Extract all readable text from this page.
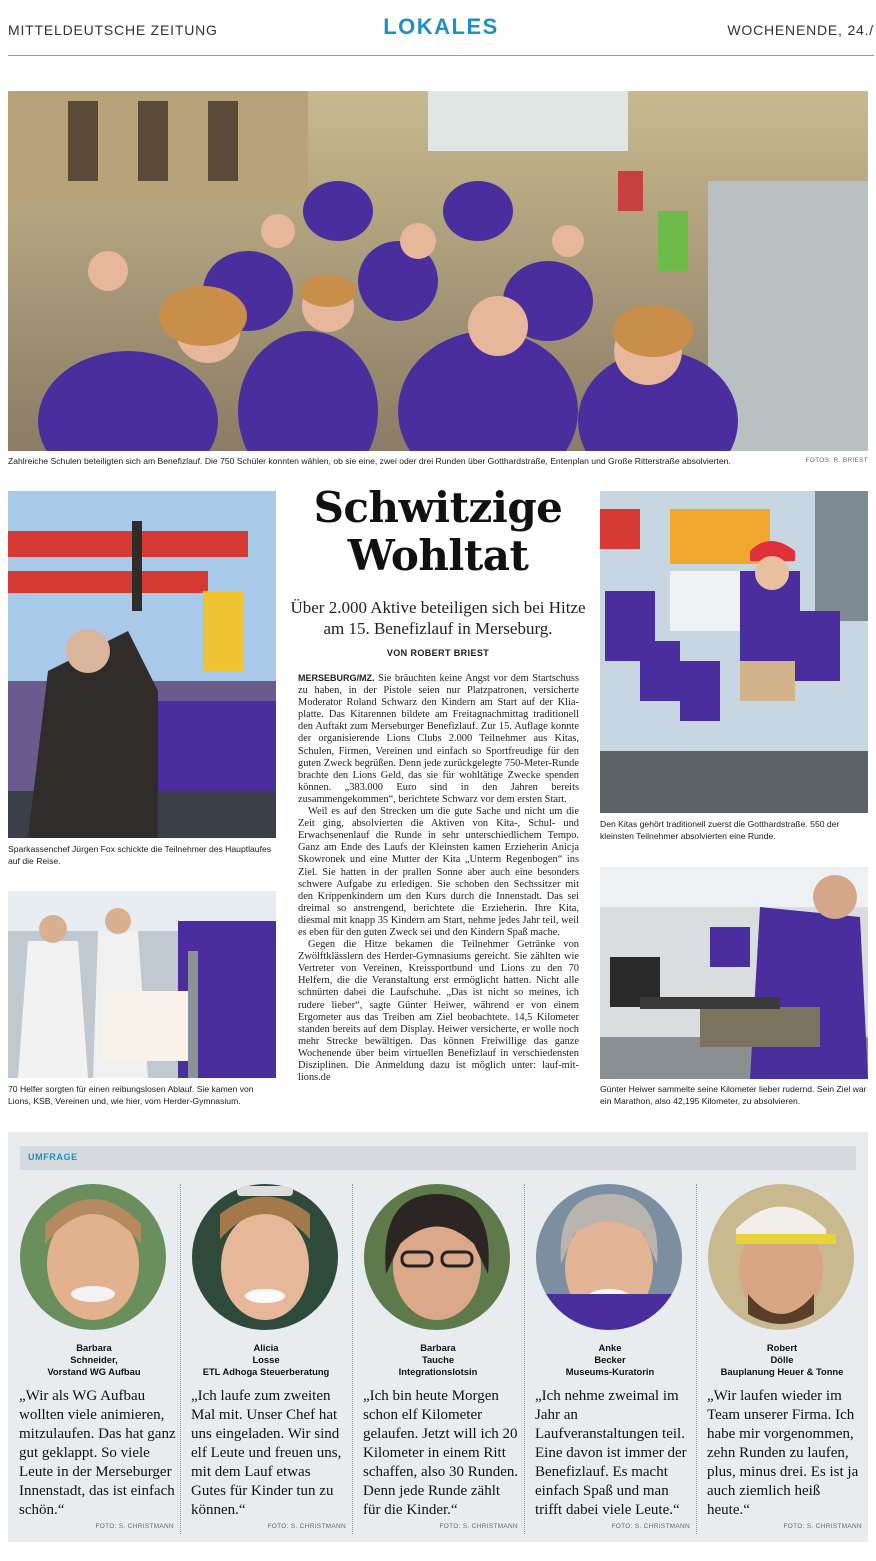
MITTELDEUTSCHE ZEITUNG	LOKALES	WOCHENENDE, 24./
Zahlreiche Schulen beteiligten sich am Benefizlauf. Die 750 Schüler konnten wählen, ob sie eine, zwei oder drei Runden über Gotthardstraße, Entenplan und Große Ritterstraße absolvierten.	FOTOS: R. BRIEST
Sparkassenchef Jürgen Fox schickte die Teilnehmer des Hauptlaufes auf die Reise.
70 Helfer sorgten für einen reibungslosen Ablauf. Sie kamen von Lions, KSB, Vereinen und, wie hier, vom Herder-Gymnasium.
Den Kitas gehört traditionell zuerst die Gotthardstraße. 550 der kleinsten Teilnehmer absolvierten eine Runde.
Günter Heiwer sammelte seine Kilometer lieber rudernd. Sein Ziel war ein Marathon, also 42,195 Kilometer, zu absolvieren.
Schwitzige
Wohltat
Über 2.000 Aktive beteiligen sich bei Hitze am 15. Benefizlauf in Merseburg.
VON ROBERT BRIEST

MERSEBURG/MZ. Sie bräuchten keine Angst vor dem Startschuss zu haben, in der Pistole seien nur Platzpatronen, versicherte Moderator Roland Schwarz den Kindern am Start auf der Kliaplatte. Das Kitarennen bildete am Freitagnachmittag traditionell den Auftakt zum Merseburger Benefizlauf. Zur 15. Auflage konnte der organisierende Lions Clubs 2.000 Teilnehmer aus Kitas, Schulen, Firmen, Vereinen und einfach so Sportfreudige für den guten Zweck begrüßen. Denn jede zurückgelegte 750-Meter-Runde brachte den Lions Geld, das sie für wohltätige Zwecke spenden können. „383.000 Euro sind in den Jahren bereits zusammengekommen“, berichtete Schwarz vor dem ersten Start.

Weil es auf den Strecken um die gute Sache und nicht um die Zeit ging, absolvierten die Aktiven von Kita-, Schul- und Erwachsenenlauf die Runde in sehr unterschiedlichem Tempo. Ganz am Ende des Laufs der Kleinsten kamen Erzieherin Anicja Skowronek und eine Mutter der Kita „Unterm Regenbogen“ ins Ziel. Sie hatten in der prallen Sonne aber auch eine besonders schwere Aufgabe zu erledigen. Sie schoben den Sechssitzer mit den Krippenkindern um den Kurs durch die Innenstadt. Das sei dreimal so anstrengend, berichtete die Erzieherin. Ihre Kita, diesmal mit knapp 35 Kindern am Start, nehme jedes Jahr teil, weil es eben für den guten Zweck sei und den Kindern Spaß mache.

Gegen die Hitze bekamen die Teilnehmer Getränke von Zwölftklässlern des Herder-Gymnasiums gereicht. Sie zählten wie Vertreter von Vereinen, Kreissportbund und Lions zu den 70 Helfern, die die Veranstaltung erst ermöglicht hatten. Nicht alle schnürten dabei die Laufschuhe. „Das ist nicht so meines, ich rudere lieber“, sagte Günter Heiwer, während er von einem Ergometer aus das Treiben am Ziel beobachtete. 14,5 Kilometer standen bereits auf dem Display. Heiwer versicherte, er wolle noch mehr Strecke bewältigen. Das können Freiwillige das ganze Wochenende über beim virtuellen Benefizlauf in verschiedensten Disziplinen. Die Anmeldung dazu ist möglich unter: lauf-mit-lions.de

UMFRAGE
Barbara
Schneider,
Vorstand WG Aufbau
„Wir als WG Aufbau wollten viele animieren, mitzulaufen. Das hat ganz gut geklappt. So viele Leute in der Merseburger Innenstadt, das ist einfach schön.“
FOTO: S. CHRISTMANN
Alicia
Losse
ETL Adhoga Steuerberatung
„Ich laufe zum zweiten Mal mit. Unser Chef hat uns eingeladen. Wir sind elf Leute und freuen uns, mit dem Lauf etwas Gutes für Kinder tun zu können.“
FOTO: S. CHRISTMANN
Barbara
Tauche
Integrationslotsin
„Ich bin heute Morgen schon elf Kilometer gelaufen. Jetzt will ich 20 Kilometer in einem Ritt schaffen, also 30 Runden. Denn jede Runde zählt für die Kinder.“
FOTO: S. CHRISTMANN
Anke
Becker
Museums-Kuratorin
„Ich nehme zweimal im Jahr an Laufveranstaltungen teil. Eine davon ist immer der Benefizlauf. Es macht einfach Spaß und man trifft dabei viele Leute.“
FOTO: S. CHRISTMANN
Robert
Dölle
Bauplanung Heuer & Tonne
„Wir laufen wieder im Team unserer Firma. Ich habe mir vorgenommen, zehn Runden zu laufen, plus, minus drei. Es ist ja auch ziemlich heiß heute.“
FOTO: S. CHRISTMANN
